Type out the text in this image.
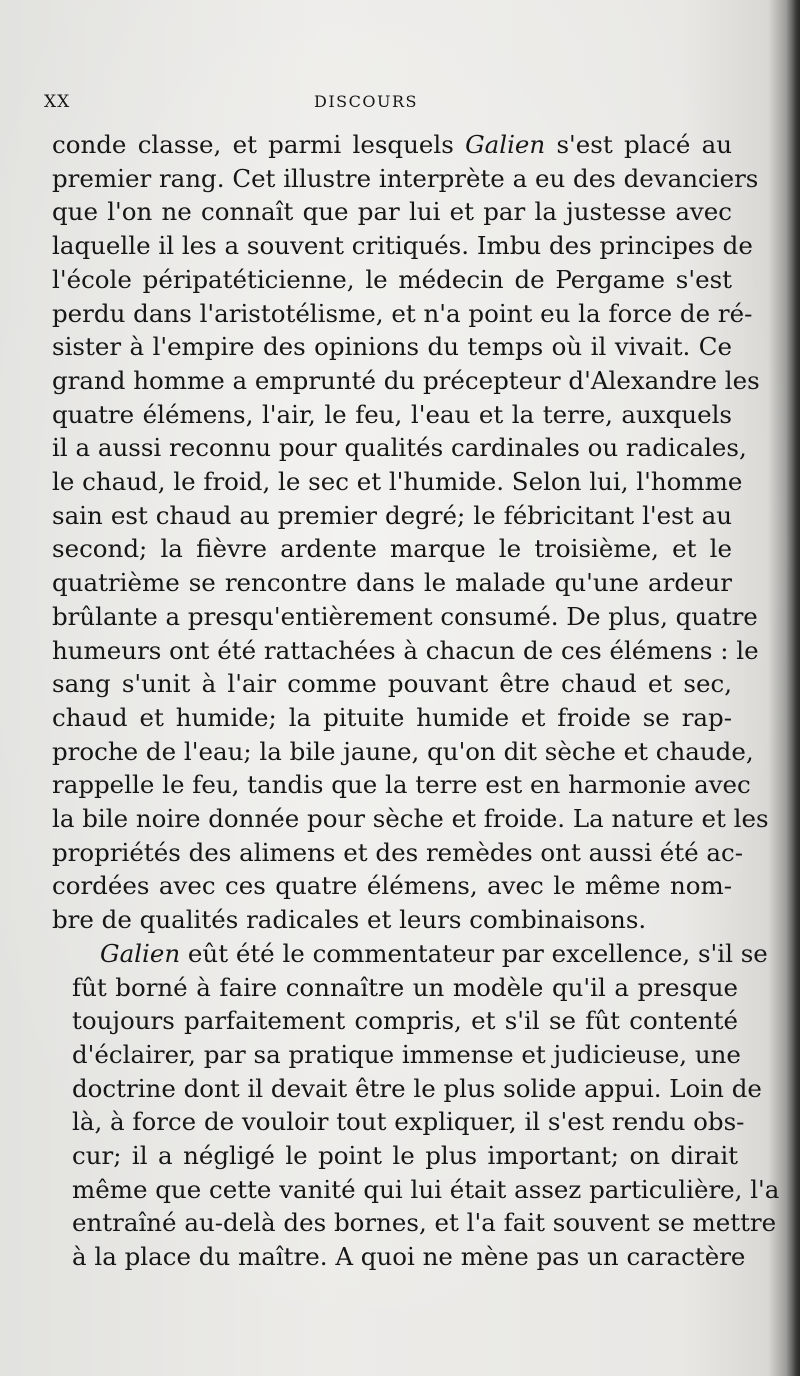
XX	DISCOURS
conde classe, et parmi lesquels Galien s'est placé au
premier rang. Cet illustre interprète a eu des devanciers
que l'on ne connaît que par lui et par la justesse avec
laquelle il les a souvent critiqués. Imbu des principes de
l'école péripatéticienne, le médecin de Pergame s'est
perdu dans l'aristotélisme, et n'a point eu la force de ré-
sister à l'empire des opinions du temps où il vivait. Ce
grand homme a emprunté du précepteur d'Alexandre les
quatre élémens, l'air, le feu, l'eau et la terre, auxquels
il a aussi reconnu pour qualités cardinales ou radicales,
le chaud, le froid, le sec et l'humide. Selon lui, l'homme
sain est chaud au premier degré; le fébricitant l'est au
second; la fièvre ardente marque le troisième, et le
quatrième se rencontre dans le malade qu'une ardeur
brûlante a presqu'entièrement consumé. De plus, quatre
humeurs ont été rattachées à chacun de ces élémens : le
sang s'unit à l'air comme pouvant être chaud et sec,
chaud et humide; la pituite humide et froide se rap-
proche de l'eau; la bile jaune, qu'on dit sèche et chaude,
rappelle le feu, tandis que la terre est en harmonie avec
la bile noire donnée pour sèche et froide. La nature et les
propriétés des alimens et des remèdes ont aussi été ac-
cordées avec ces quatre élémens, avec le même nom-
bre de qualités radicales et leurs combinaisons.
Galien eût été le commentateur par excellence, s'il se
fût borné à faire connaître un modèle qu'il a presque
toujours parfaitement compris, et s'il se fût contenté
d'éclairer, par sa pratique immense et judicieuse, une
doctrine dont il devait être le plus solide appui. Loin de
là, à force de vouloir tout expliquer, il s'est rendu obs-
cur; il a négligé le point le plus important; on dirait
même que cette vanité qui lui était assez particulière, l'a
entraîné au-delà des bornes, et l'a fait souvent se mettre
à la place du maître. A quoi ne mène pas un caractère
